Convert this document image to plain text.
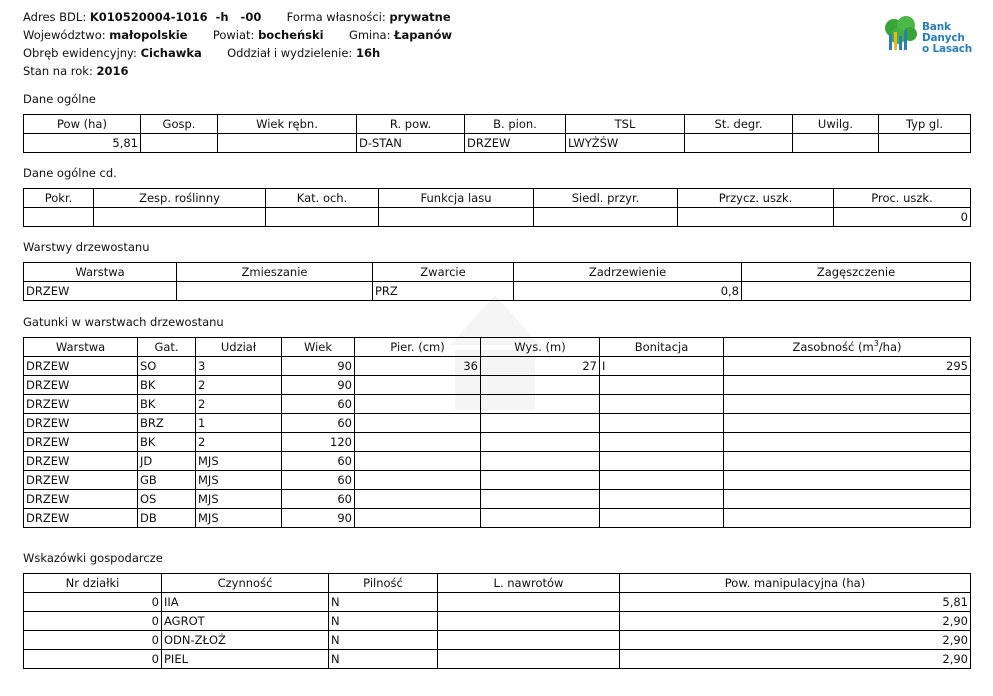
Adres BDL: K010520004-1016  -h   -00 Forma własności: prywatne
Województwo: małopolskie Powiat: bocheński Gmina: Łapanów
Obręb ewidencyjny: Cichawka Oddział i wydzielenie: 16h
Stan na rok: 2016
Bank Danych
o Lasach
Dane ogólne
Pow (ha)	Gosp.	Wiek rębn.	R. pow.	B. pion.	TSL	St. degr.	Uwilg.	Typ gl.
5,81			D-STAN	DRZEW	LWYŻŚW			
Dane ogólne cd.
Pokr.	Zesp. roślinny	Kat. och.	Funkcja lasu	Siedl. przyr.	Przycz. uszk.	Proc. uszk.
						0
Warstwy drzewostanu
Warstwa	Zmieszanie	Zwarcie	Zadrzewienie	Zagęszczenie
DRZEW		PRZ	0,8	
Gatunki w warstwach drzewostanu
Warstwa	Gat.	Udział	Wiek	Pier. (cm)	Wys. (m)	Bonitacja	Zasobność $(m^3/ha)$
DRZEW	SO	3	90	36	27	I	295
DRZEW	BK	2	90				
DRZEW	BK	2	60				
DRZEW	BRZ	1	60				
DRZEW	BK	2	120				
DRZEW	JD	MJS	60				
DRZEW	GB	MJS	60				
DRZEW	OS	MJS	60				
DRZEW	DB	MJS	90				
Wskazówki gospodarcze
Nr działki	Czynność	Pilność	L. nawrotów	Pow. manipulacyjna (ha)
0	IIA	N		5,81
0	AGROT	N		2,90
0	ODN-ZŁOŻ	N		2,90
0	PIEL	N		2,90
